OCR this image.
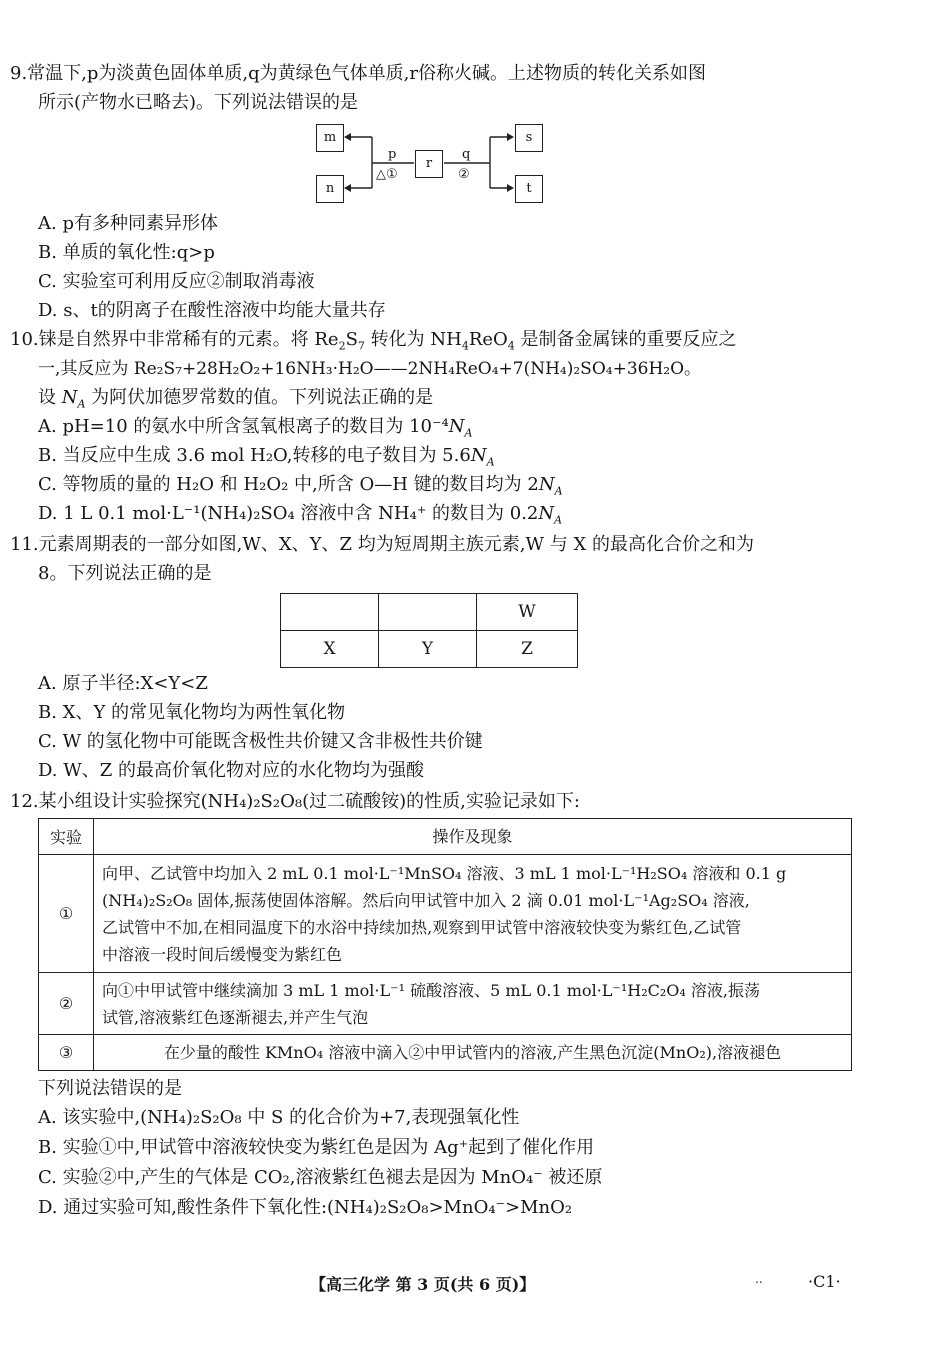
9.常温下,p为淡黄色固体单质,q为黄绿色气体单质,r俗称火碱。上述物质的转化关系如图
所示(产物水已略去)。下列说法错误的是
m
n
r
s
t
p
△①
q
②
A. p有多种同素异形体
B. 单质的氧化性:q>p
C. 实验室可利用反应②制取消毒液
D. s、t的阴离子在酸性溶液中均能大量共存
10.铼是自然界中非常稀有的元素。将 $Re_2S_7$ 转化为 $NH_4ReO_4$ 是制备金属铼的重要反应之
一,其反应为 Re₂S₇+28H₂O₂+16NH₃·H₂O——2NH₄ReO₄+7(NH₄)₂SO₄+36H₂O。
设 $N_A$ 为阿伏加德罗常数的值。下列说法正确的是
A. pH=10 的氨水中所含氢氧根离子的数目为 $10^{-4}N_A$
B. 当反应中生成 3.6 mol H₂O,转移的电子数目为 $5.6N_A$
C. 等物质的量的 H₂O 和 H₂O₂ 中,所含 O—H 键的数目均为 $2N_A$
D. 1 L 0.1 mol·L⁻¹(NH₄)₂SO₄ 溶液中含 NH₄⁺ 的数目为 $0.2N_A$
11.元素周期表的一部分如图,W、X、Y、Z 均为短周期主族元素,W 与 X 的最高化合价之和为
8。下列说法正确的是
		W
X	Y	Z
A. 原子半径:X<Y<Z
B. X、Y 的常见氧化物均为两性氧化物
C. W 的氢化物中可能既含极性共价键又含非极性共价键
D. W、Z 的最高价氧化物对应的水化物均为强酸
12.某小组设计实验探究(NH₄)₂S₂O₈(过二硫酸铵)的性质,实验记录如下:
实验	操作及现象
①	向甲、乙试管中均加入 2 mL 0.1 mol·L⁻¹MnSO₄ 溶液、3 mL 1 mol·L⁻¹H₂SO₄ 溶液和 0.1 g
(NH₄)₂S₂O₈ 固体,振荡使固体溶解。然后向甲试管中加入 2 滴 0.01 mol·L⁻¹Ag₂SO₄ 溶液,
乙试管中不加,在相同温度下的水浴中持续加热,观察到甲试管中溶液较快变为紫红色,乙试管
中溶液一段时间后缓慢变为紫红色

②	向①中甲试管中继续滴加 3 mL 1 mol·L⁻¹ 硫酸溶液、5 mL 0.1 mol·L⁻¹H₂C₂O₄ 溶液,振荡
试管,溶液紫红色逐渐褪去,并产生气泡

③	在少量的酸性 KMnO₄ 溶液中滴入②中甲试管内的溶液,产生黑色沉淀(MnO₂),溶液褪色
下列说法错误的是
A. 该实验中,(NH₄)₂S₂O₈ 中 S 的化合价为+7,表现强氧化性
B. 实验①中,甲试管中溶液较快变为紫红色是因为 Ag⁺起到了催化作用
C. 实验②中,产生的气体是 CO₂,溶液紫红色褪去是因为 MnO₄⁻ 被还原
D. 通过实验可知,酸性条件下氧化性:(NH₄)₂S₂O₈>MnO₄⁻>MnO₂
【高三化学 第 3 页(共 6 页)】	..	·C1·
